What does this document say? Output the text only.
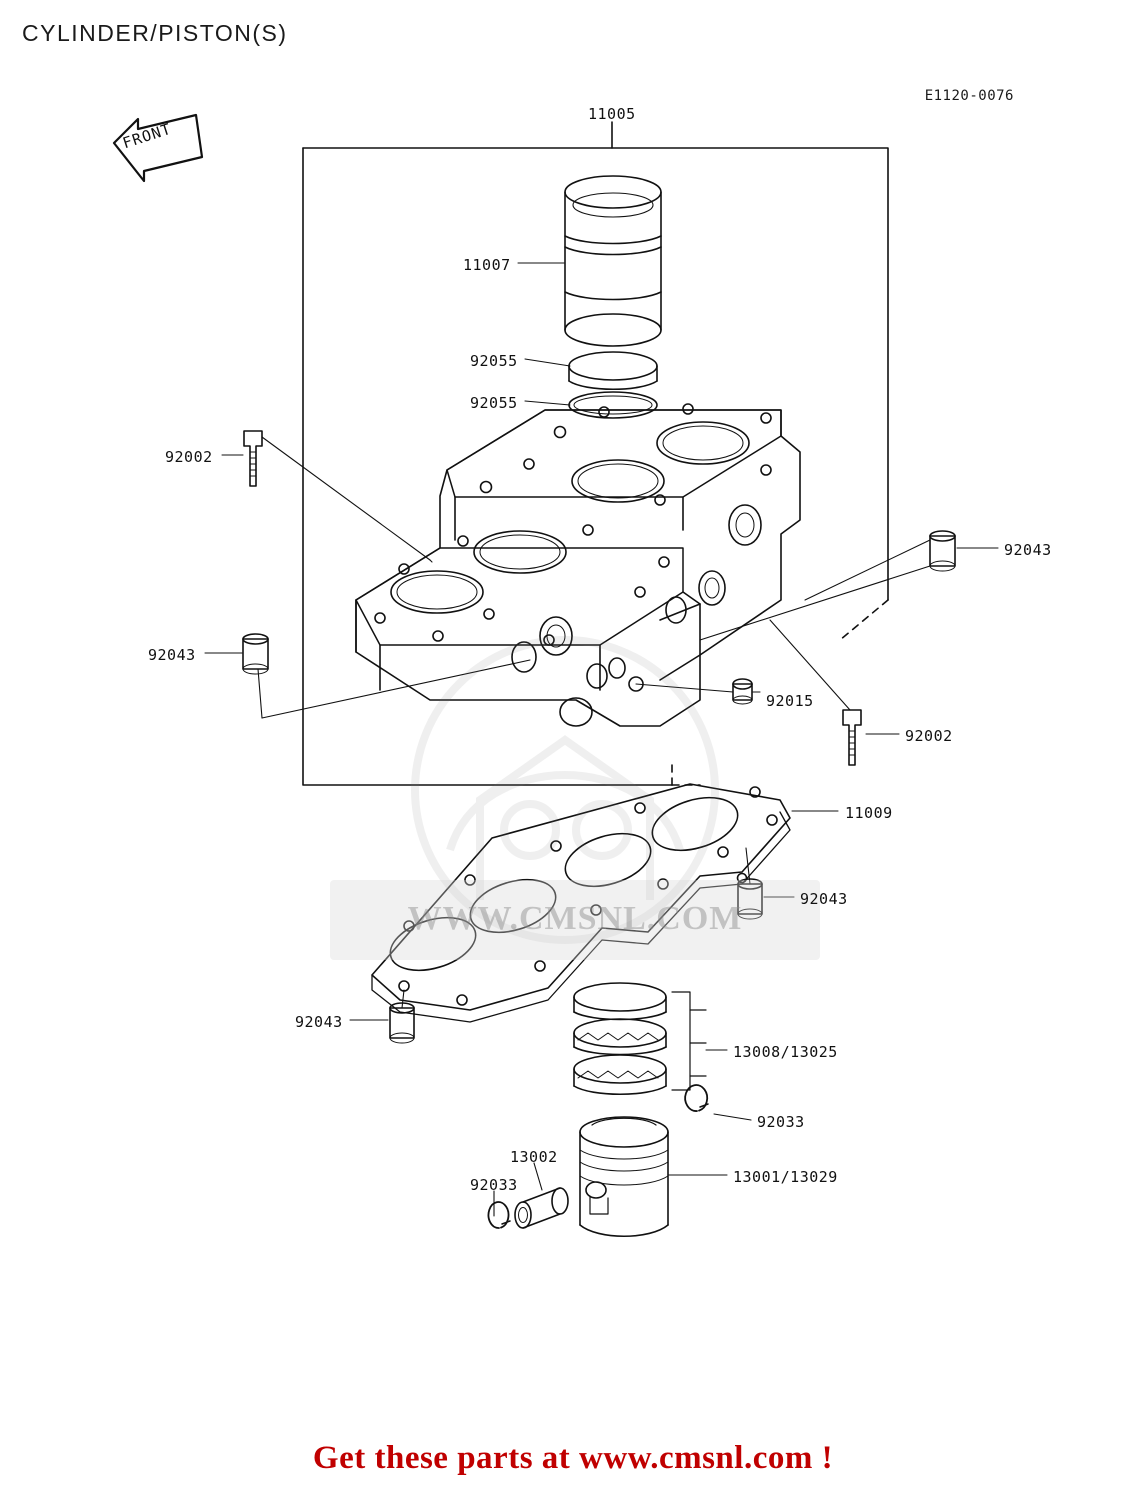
CYLINDER/PISTON(S)
E1120-0076
FRONT
WWW.CMSNL.COM
11005
11007
92055
92055
92002
92043
92043
92015
92002
11009
92043
92043
13008/13025
92033
13002
13001/13029
92033
Get these parts at www.cmsnl.com !
